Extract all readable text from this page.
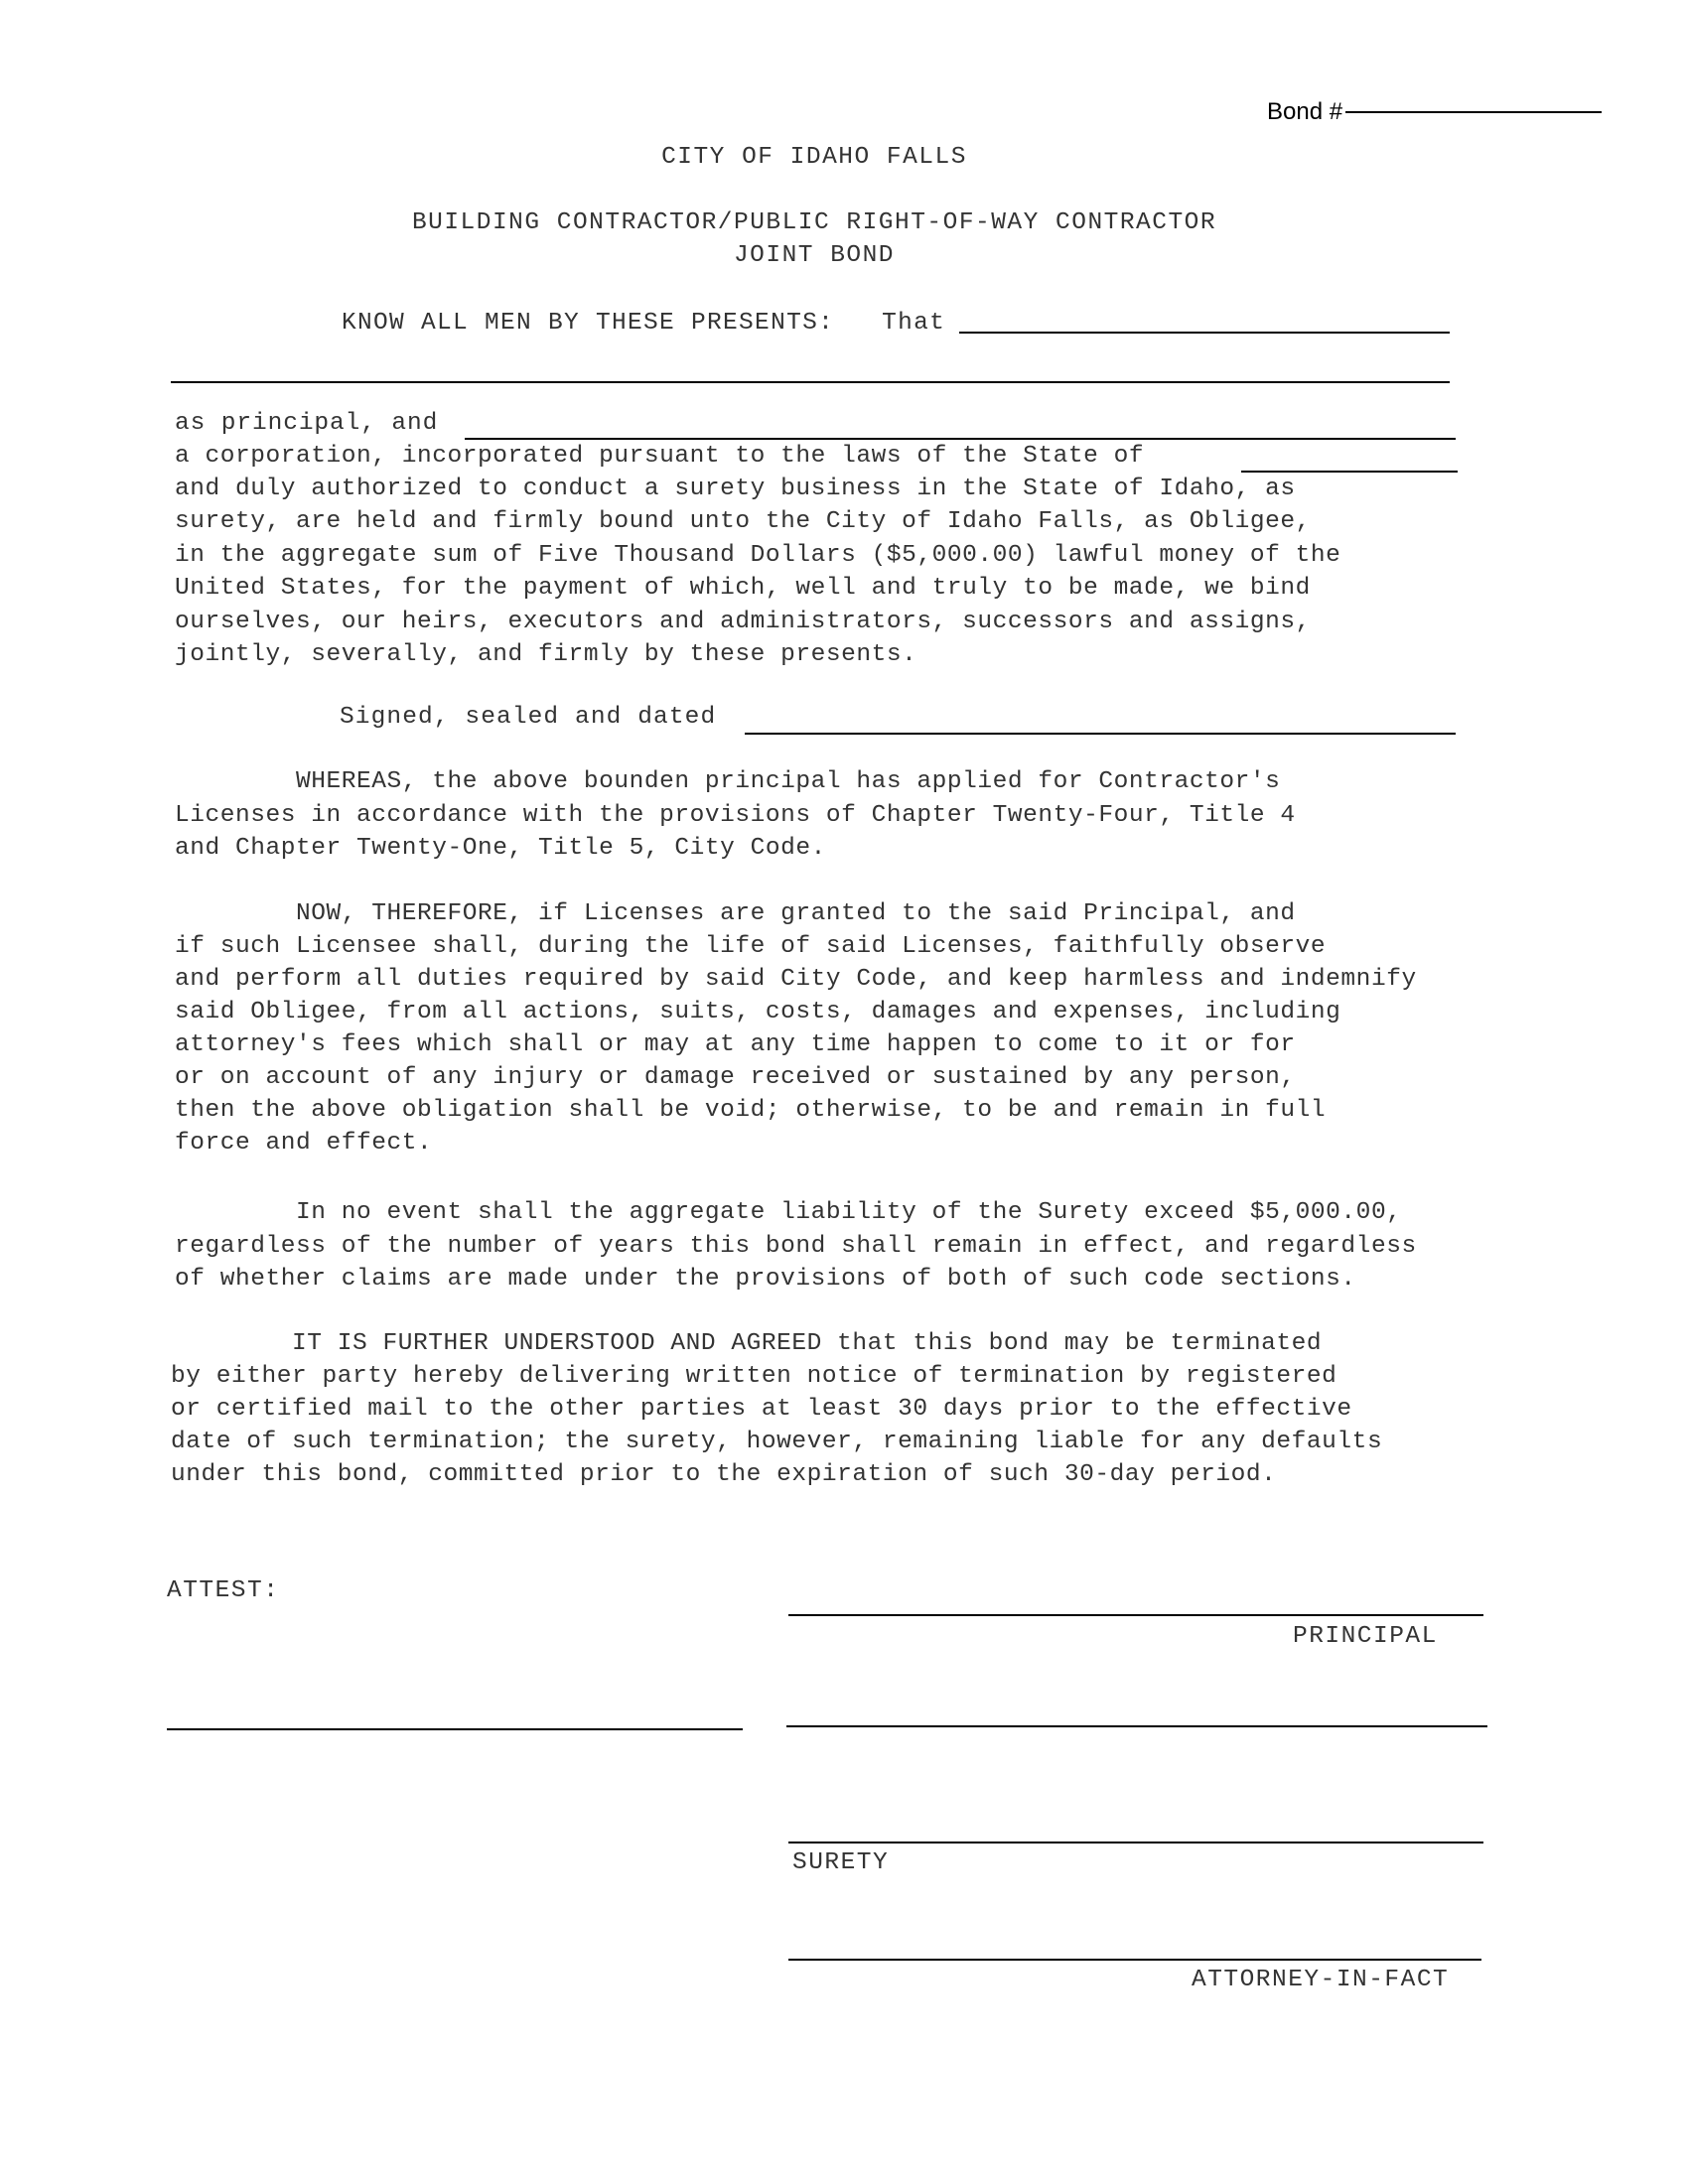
Bond #
CITY OF IDAHO FALLS
BUILDING CONTRACTOR/PUBLIC RIGHT-OF-WAY CONTRACTOR
JOINT BOND
KNOW ALL MEN BY THESE PRESENTS:   That
as principal, and
a corporation, incorporated pursuant to the laws of the State of
and duly authorized to conduct a surety business in the State of Idaho, as
surety, are held and firmly bound unto the City of Idaho Falls, as Obligee,
in the aggregate sum of Five Thousand Dollars ($5,000.00) lawful money of the
United States, for the payment of which, well and truly to be made, we bind
ourselves, our heirs, executors and administrators, successors and assigns,
jointly, severally, and firmly by these presents.
Signed, sealed and dated
WHEREAS, the above bounden principal has applied for Contractor's
Licenses in accordance with the provisions of Chapter Twenty-Four, Title 4
and Chapter Twenty-One, Title 5, City Code.
NOW, THEREFORE, if Licenses are granted to the said Principal, and
if such Licensee shall, during the life of said Licenses, faithfully observe
and perform all duties required by said City Code, and keep harmless and indemnify
said Obligee, from all actions, suits, costs, damages and expenses, including
attorney's fees which shall or may at any time happen to come to it or for
or on account of any injury or damage received or sustained by any person,
then the above obligation shall be void; otherwise, to be and remain in full
force and effect.
In no event shall the aggregate liability of the Surety exceed $5,000.00,
regardless of the number of years this bond shall remain in effect, and regardless
of whether claims are made under the provisions of both of such code sections.
IT IS FURTHER UNDERSTOOD AND AGREED that this bond may be terminated
by either party hereby delivering written notice of termination by registered
or certified mail to the other parties at least 30 days prior to the effective
date of such termination; the surety, however, remaining liable for any defaults
under this bond, committed prior to the expiration of such 30-day period.
ATTEST:
PRINCIPAL
SURETY
ATTORNEY-IN-FACT
